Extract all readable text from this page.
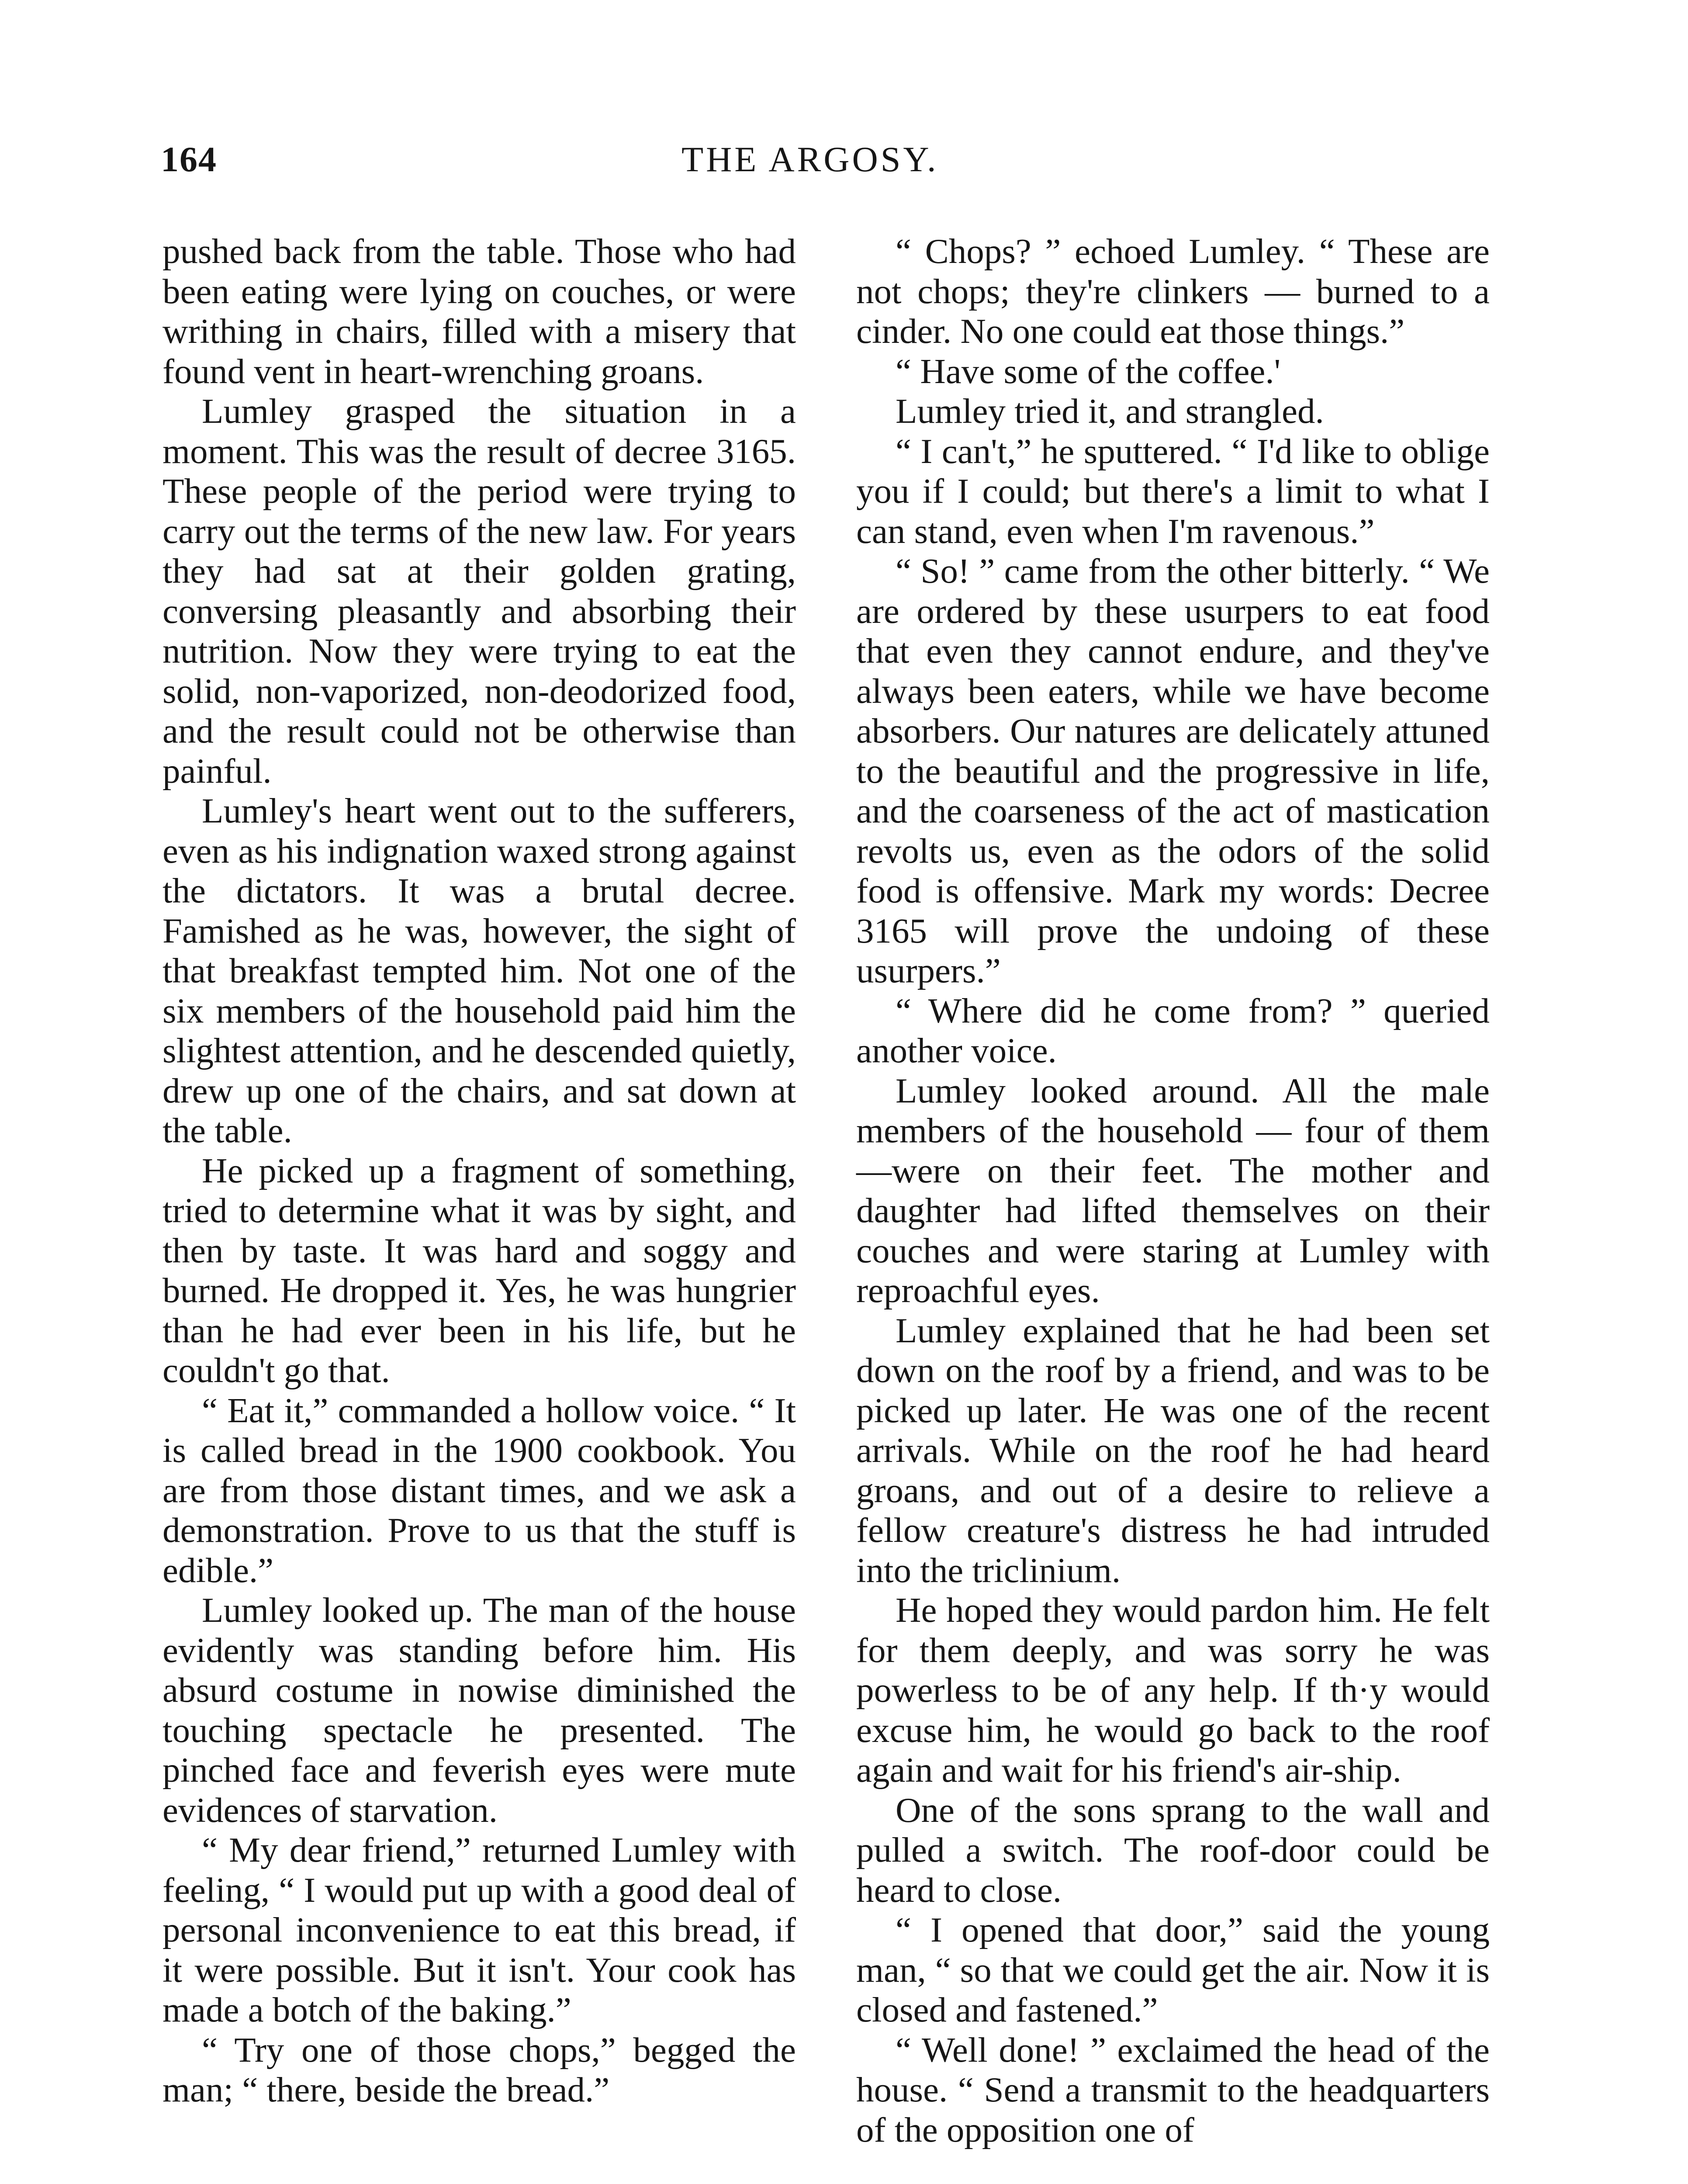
164	THE ARGOSY.

pushed back from the table. Those who had been eating were lying on couches, or were writhing in chairs, filled with a misery that found vent in heart-wrenching groans.

Lumley grasped the situation in a moment. This was the result of decree 3165. These people of the period were trying to carry out the terms of the new law. For years they had sat at their golden grating, conversing pleasantly and absorbing their nutrition. Now they were trying to eat the solid, non-vaporized, non-deodorized food, and the result could not be otherwise than painful.

Lumley's heart went out to the sufferers, even as his indignation waxed strong against the dictators. It was a brutal decree. Famished as he was, however, the sight of that breakfast tempted him. Not one of the six members of the household paid him the slightest attention, and he descended quietly, drew up one of the chairs, and sat down at the table.

He picked up a fragment of something, tried to determine what it was by sight, and then by taste. It was hard and soggy and burned. He dropped it. Yes, he was hungrier than he had ever been in his life, but he couldn't go that.

“ Eat it,” commanded a hollow voice. “ It is called bread in the 1900 cookbook. You are from those distant times, and we ask a demonstration. Prove to us that the stuff is edible.”

Lumley looked up. The man of the house evidently was standing before him. His absurd costume in nowise diminished the touching spectacle he presented. The pinched face and feverish eyes were mute evidences of starvation.

“ My dear friend,” returned Lumley with feeling, “ I would put up with a good deal of personal inconvenience to eat this bread, if it were possible. But it isn't. Your cook has made a botch of the baking.”

“ Try one of those chops,” begged the man; “ there, beside the bread.”

“ Chops? ” echoed Lumley. “ These are not chops; they're clinkers — burned to a cinder. No one could eat those things.”

“ Have some of the coffee.'

Lumley tried it, and strangled.

“ I can't,” he sputtered. “ I'd like to oblige you if I could; but there's a limit to what I can stand, even when I'm ravenous.”

“ So! ” came from the other bitterly. “ We are ordered by these usurpers to eat food that even they cannot endure, and they've always been eaters, while we have become absorbers. Our natures are delicately attuned to the beautiful and the progressive in life, and the coarseness of the act of mastication revolts us, even as the odors of the solid food is offensive. Mark my words: Decree 3165 will prove the undoing of these usurpers.”

“ Where did he come from? ” queried another voice.

Lumley looked around. All the male members of the household — four of them—were on their feet. The mother and daughter had lifted themselves on their couches and were staring at Lumley with reproachful eyes.

Lumley explained that he had been set down on the roof by a friend, and was to be picked up later. He was one of the recent arrivals. While on the roof he had heard groans, and out of a desire to relieve a fellow creature's distress he had intruded into the triclinium.

He hoped they would pardon him. He felt for them deeply, and was sorry he was powerless to be of any help. If th·y would excuse him, he would go back to the roof again and wait for his friend's air-ship.

One of the sons sprang to the wall and pulled a switch. The roof-door could be heard to close.

“ I opened that door,” said the young man, “ so that we could get the air. Now it is closed and fastened.”

“ Well done! ” exclaimed the head of the house. “ Send a transmit to the headquarters of the opposition one of
